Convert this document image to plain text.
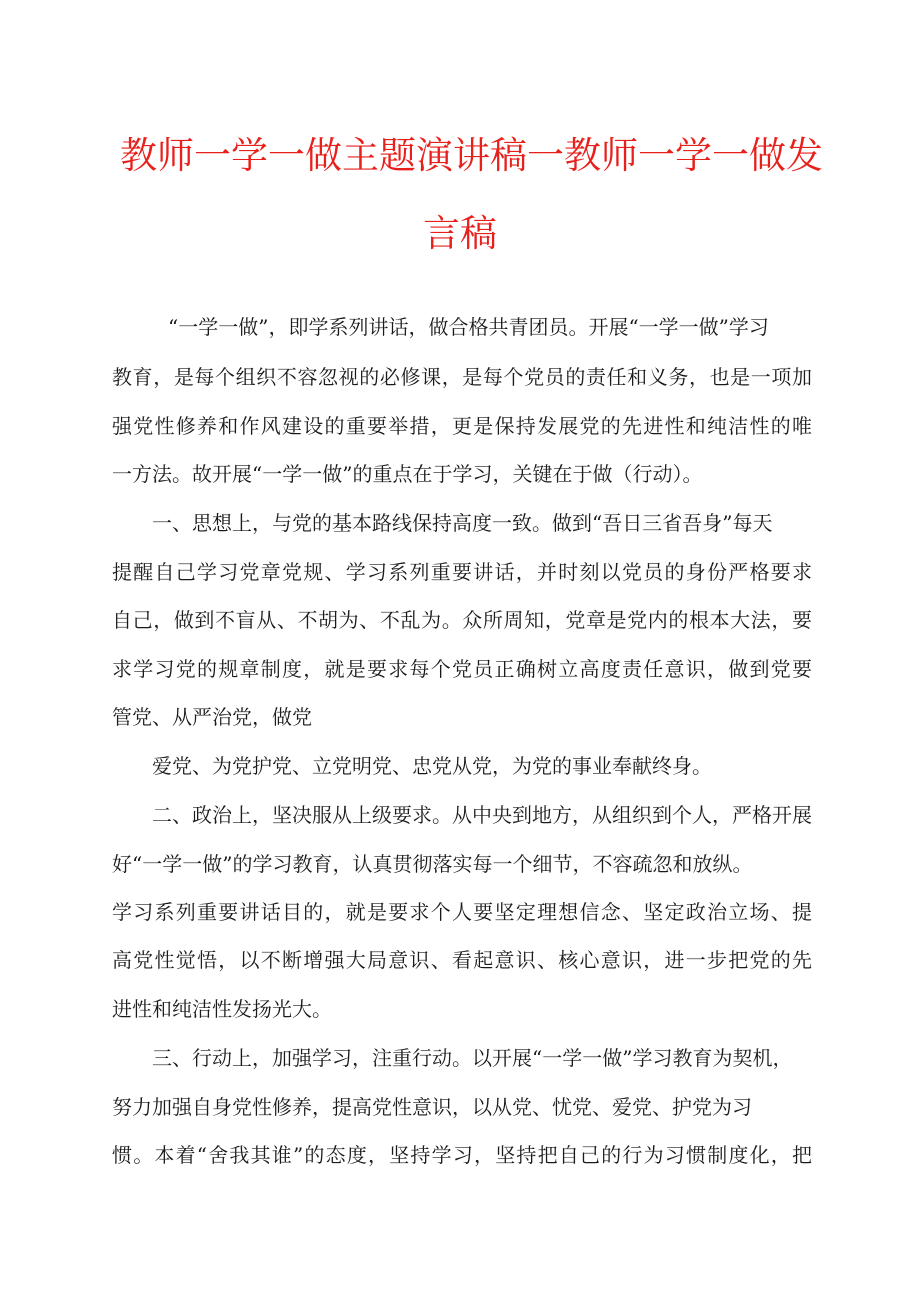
教师一学一做主题演讲稿一教师一学一做发
言稿
“一学一做”，即学系列讲话，做合格共青团员。开展“一学一做”学习
教育，是每个组织不容忽视的必修课，是每个党员的责任和义务，也是一项加
强党性修养和作风建设的重要举措，更是保持发展党的先进性和纯洁性的唯
一方法。故开展“一学一做”的重点在于学习，关键在于做（行动）。
一、思想上，与党的基本路线保持高度一致。做到“吾日三省吾身”每天
提醒自己学习党章党规、学习系列重要讲话，并时刻以党员的身份严格要求
自己，做到不盲从、不胡为、不乱为。众所周知，党章是党内的根本大法，要
求学习党的规章制度，就是要求每个党员正确树立高度责任意识，做到党要
管党、从严治党，做党
爱党、为党护党、立党明党、忠党从党，为党的事业奉献终身。
二、政治上，坚决服从上级要求。从中央到地方，从组织到个人，严格开展
好“一学一做”的学习教育，认真贯彻落实每一个细节，不容疏忽和放纵。
学习系列重要讲话目的，就是要求个人要坚定理想信念、坚定政治立场、提
高党性觉悟，以不断增强大局意识、看起意识、核心意识，进一步把党的先
进性和纯洁性发扬光大。
三、行动上，加强学习，注重行动。以开展“一学一做”学习教育为契机，
努力加强自身党性修养，提高党性意识，以从党、忧党、爱党、护党为习
惯。本着“舍我其谁”的态度，坚持学习，坚持把自己的行为习惯制度化，把
